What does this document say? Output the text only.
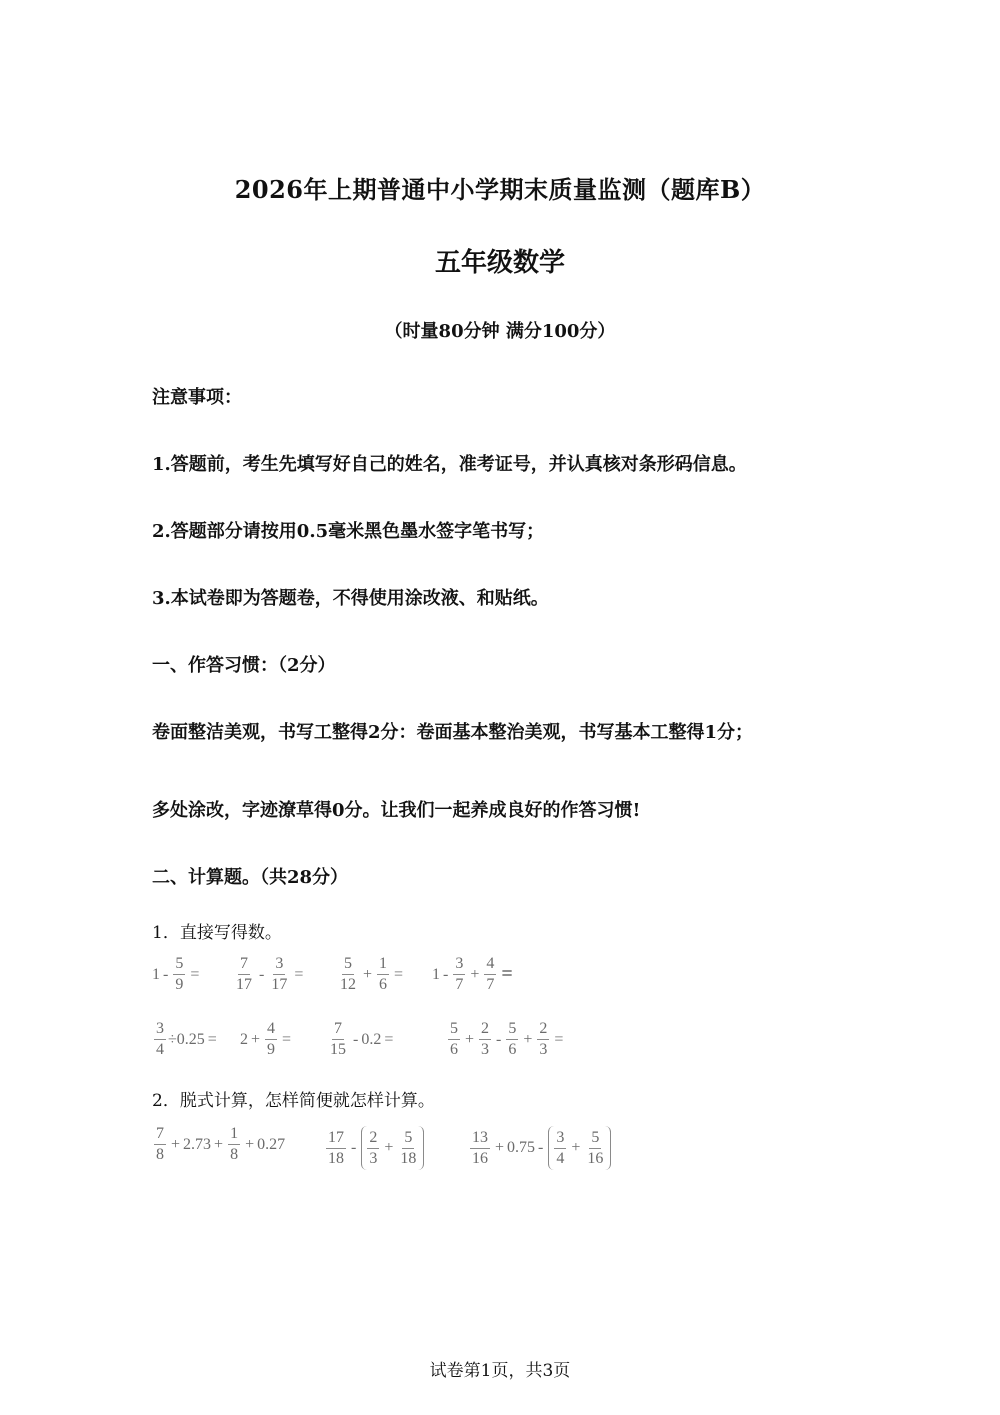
2026年上期普通中小学期末质量监测（题库B）
五年级数学
（时量80分钟 满分100分）
注意事项：
1.答题前，考生先填写好自己的姓名，准考证号，并认真核对条形码信息。
2.答题部分请按用0.5毫米黑色墨水签字笔书写；
3.本试卷即为答题卷，不得使用涂改液、和贴纸。
一、作答习惯：（2分）
卷面整洁美观，书写工整得2分：卷面基本整治美观，书写基本工整得1分；
多处涂改，字迹潦草得0分。让我们一起养成良好的作答习惯!
二、计算题。（共28分）
1．直接写得数。
$1 - \frac{5}{9} = \frac{7}{17} - \frac{3}{17} = \frac{5}{12} + \frac{1}{6} = 1 - \frac{3}{7} + \frac{4}{7}$ =
$\frac{3}{4} \div 0.25 = 2 + \frac{4}{9} = \frac{7}{15} - 0.2$ =	$\frac{5}{6} + \frac{2}{3} - \frac{5}{6} + \frac{2}{3}$ =
2．脱式计算，怎样简便就怎样计算。
$\frac{7}{8} + 2.73 + \frac{1}{8} + 0.27$	$\frac{17}{18} - \frac{2}{3} + \frac{5}{18}$	$\frac{13}{16} + 0.75 - \frac{3}{4} + \frac{5}{16}$
试卷第1页，共3页
